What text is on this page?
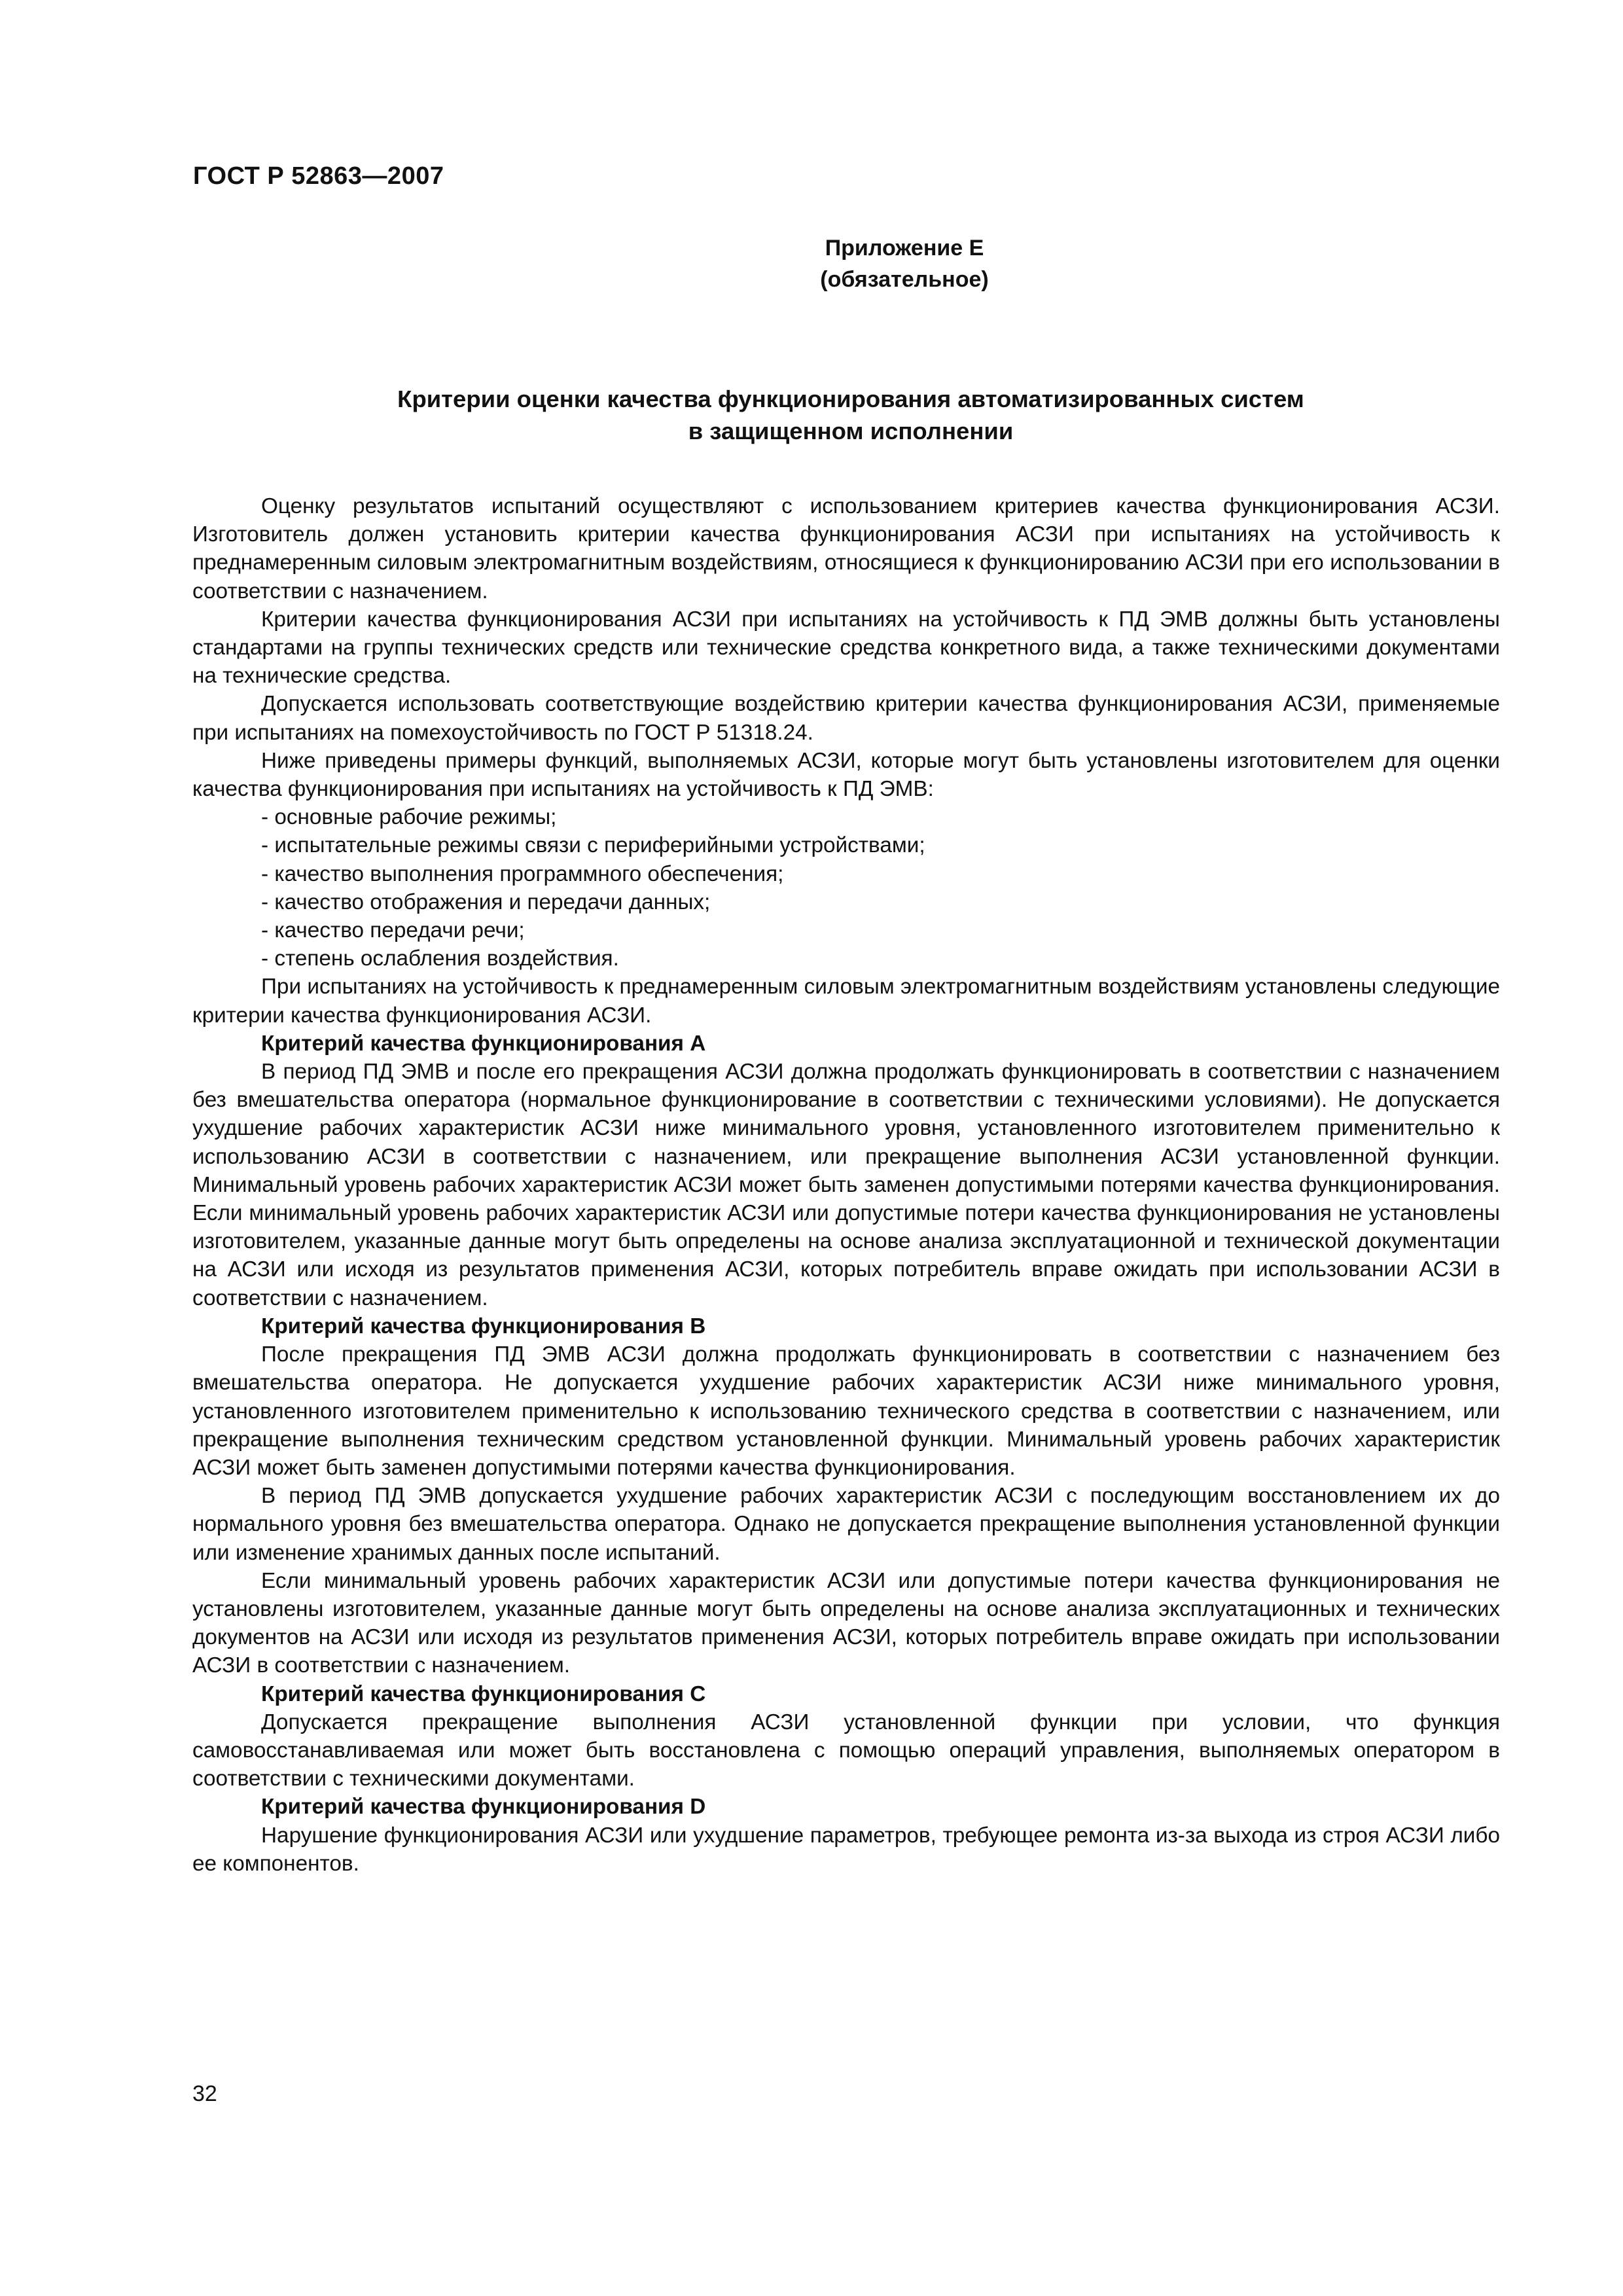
ГОСТ Р 52863—2007
Приложение Е
(обязательное)
Критерии оценки качества функционирования автоматизированных систем
в защищенном исполнении

Оценку результатов испытаний осуществляют с использованием критериев качества функционирования АСЗИ. Изготовитель должен установить критерии качества функционирования АСЗИ при испытаниях на устойчивость к преднамеренным силовым электромагнитным воздействиям, относящиеся к функционированию АСЗИ при его использовании в соответствии с назначением.

Критерии качества функционирования АСЗИ при испытаниях на устойчивость к ПД ЭМВ должны быть установлены стандартами на группы технических средств или технические средства конкретного вида, а также техническими документами на технические средства.

Допускается использовать соответствующие воздействию критерии качества функционирования АСЗИ, применяемые при испытаниях на помехоустойчивость по ГОСТ Р 51318.24.

Ниже приведены примеры функций, выполняемых АСЗИ, которые могут быть установлены изготовителем для оценки качества функционирования при испытаниях на устойчивость к ПД ЭМВ:

- основные рабочие режимы;

- испытательные режимы связи с периферийными устройствами;

- качество выполнения программного обеспечения;

- качество отображения и передачи данных;

- качество передачи речи;

- степень ослабления воздействия.

При испытаниях на устойчивость к преднамеренным силовым электромагнитным воздействиям установлены следующие критерии качества функционирования АСЗИ.

Критерий качества функционирования А

В период ПД ЭМВ и после его прекращения АСЗИ должна продолжать функционировать в соответствии с назначением без вмешательства оператора (нормальное функционирование в соответствии с техническими условиями). Не допускается ухудшение рабочих характеристик АСЗИ ниже минимального уровня, установленного изготовителем применительно к использованию АСЗИ в соответствии с назначением, или прекращение выполнения АСЗИ установленной функции. Минимальный уровень рабочих характеристик АСЗИ может быть заменен допустимыми потерями качества функционирования. Если минимальный уровень рабочих характеристик АСЗИ или допустимые потери качества функционирования не установлены изготовителем, указанные данные могут быть определены на основе анализа эксплуатационной и технической документации на АСЗИ или исходя из результатов применения АСЗИ, которых потребитель вправе ожидать при использовании АСЗИ в соответствии с назначением.

Критерий качества функционирования В

После прекращения ПД ЭМВ АСЗИ должна продолжать функционировать в соответствии с назначением без вмешательства оператора. Не допускается ухудшение рабочих характеристик АСЗИ ниже минимального уровня, установленного изготовителем применительно к использованию технического средства в соответствии с назначением, или прекращение выполнения техническим средством установленной функции. Минимальный уровень рабочих характеристик АСЗИ может быть заменен допустимыми потерями качества функционирования.

В период ПД ЭМВ допускается ухудшение рабочих характеристик АСЗИ с последующим восстановлением их до нормального уровня без вмешательства оператора. Однако не допускается прекращение выполнения установленной функции или изменение хранимых данных после испытаний.

Если минимальный уровень рабочих характеристик АСЗИ или допустимые потери качества функционирования не установлены изготовителем, указанные данные могут быть определены на основе анализа эксплуатационных и технических документов на АСЗИ или исходя из результатов применения АСЗИ, которых потребитель вправе ожидать при использовании АСЗИ в соответствии с назначением.

Критерий качества функционирования С

Допускается прекращение выполнения АСЗИ установленной функции при условии, что функция самовосстанавливаемая или может быть восстановлена с помощью операций управления, выполняемых оператором в соответствии с техническими документами.

Критерий качества функционирования D

Нарушение функционирования АСЗИ или ухудшение параметров, требующее ремонта из-за выхода из строя АСЗИ либо ее компонентов.

32
